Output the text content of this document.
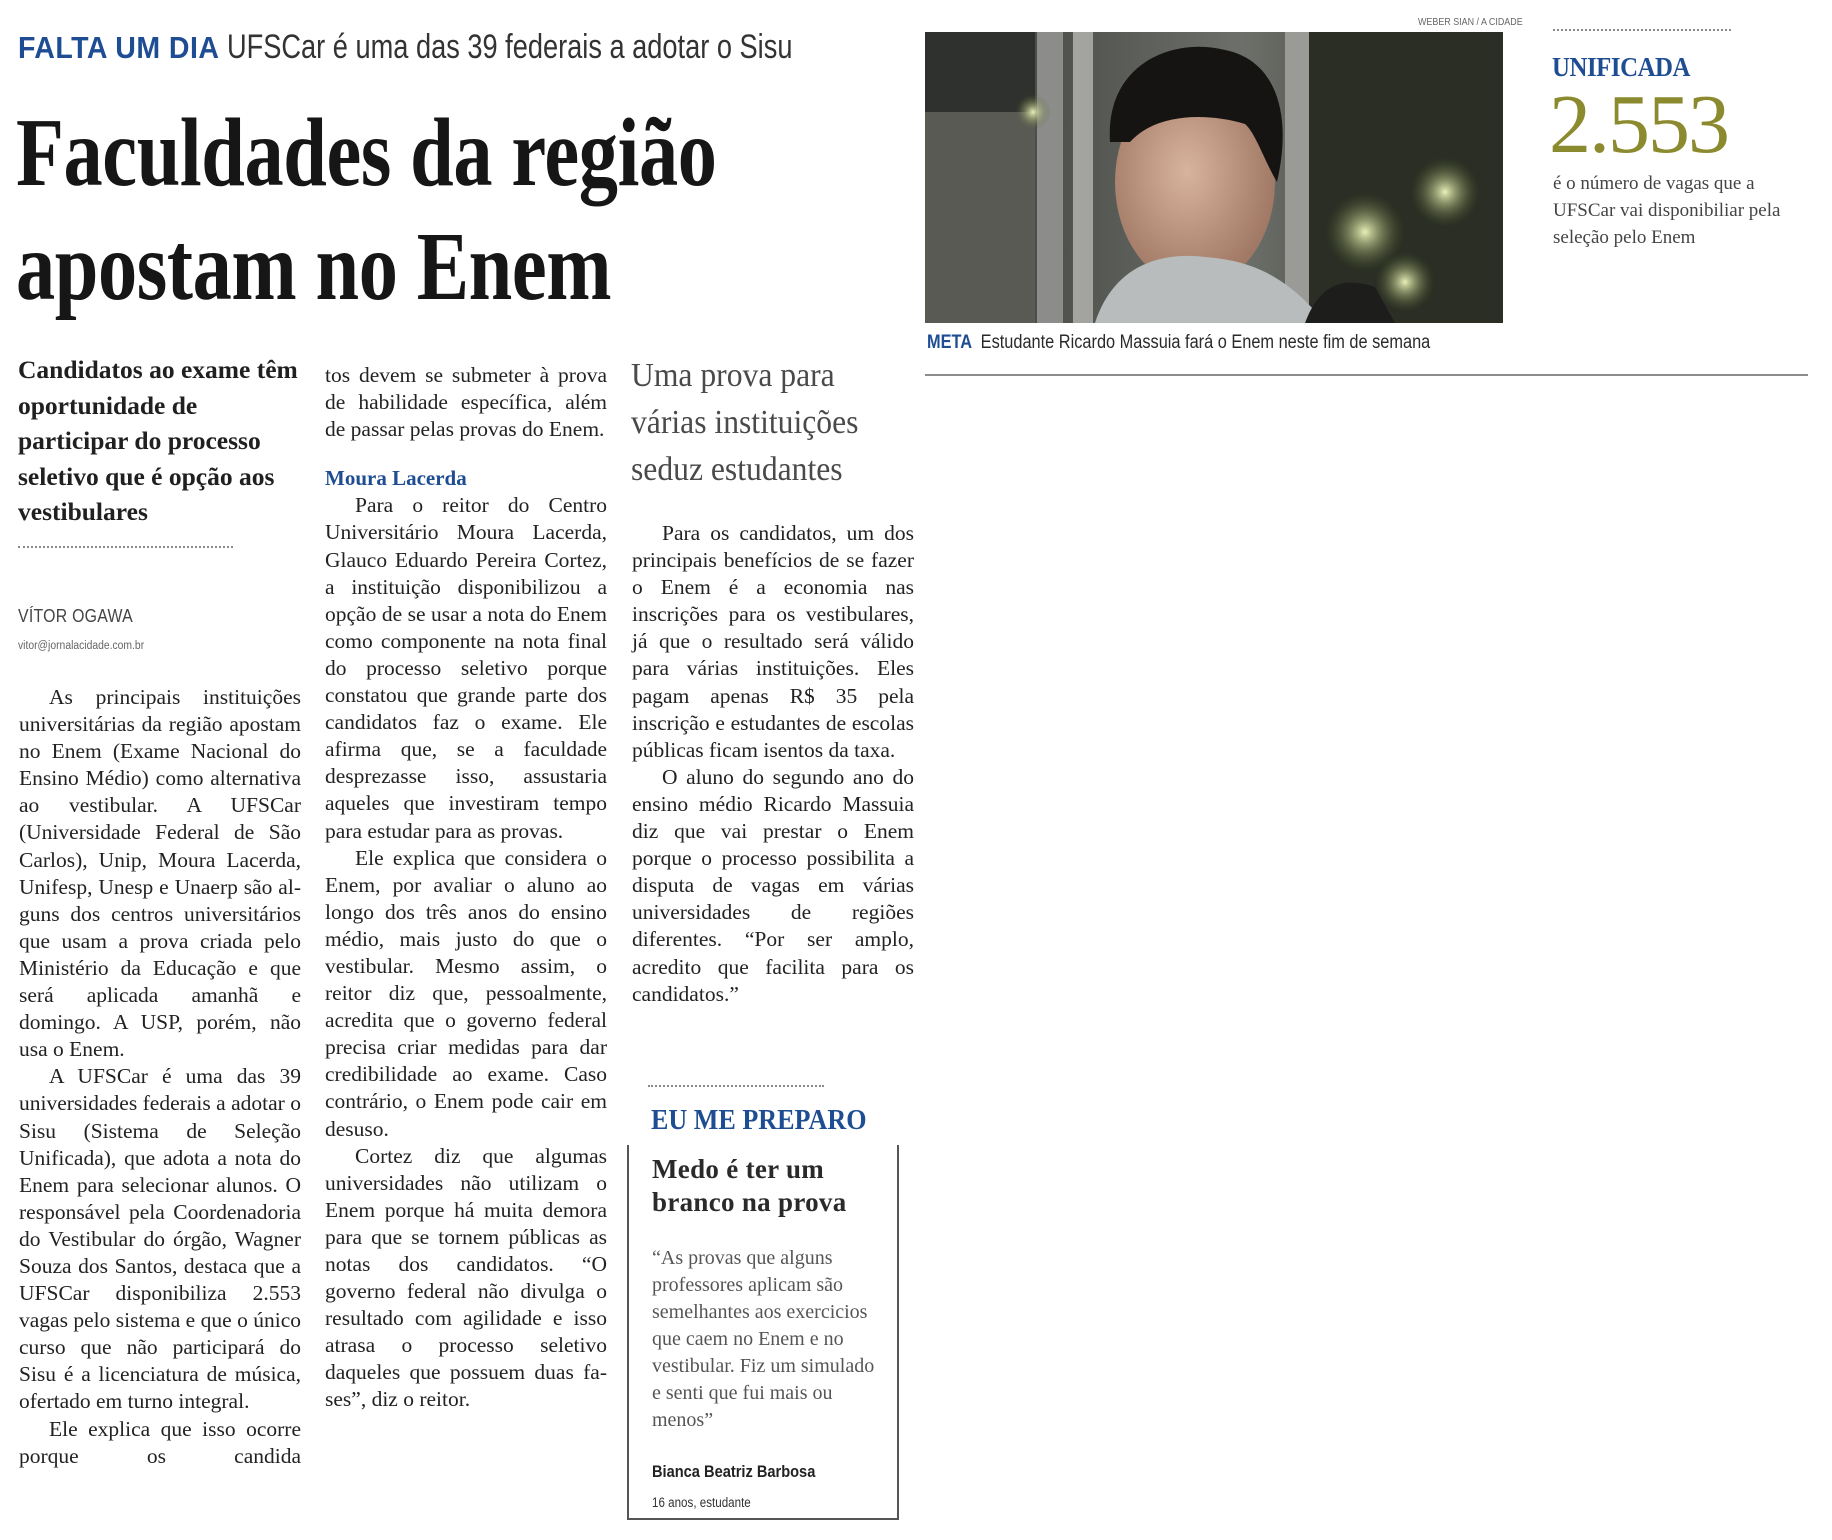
FALTA UM DIA UFSCar é uma das 39 federais a adotar o Sisu
Faculdades da região
apostam no Enem
Candidatos ao exame têm oportunidade de participar do processo seletivo que é opção aos vestibulares
VÍTOR OGAWA
vitor@jornalacidade.com.br

As principais instituições universitárias da região apostam no Enem (Exame Nacional do Ensino Médio) como alternativa ao vestibular. A UFSCar (Universidade Federal de São Carlos), Unip, Moura Lacerda, Unifesp, Unesp e Unaerp são alguns dos centros universitários que usam a prova criada pelo Ministério da Educação e que será aplicada amanhã e domingo. A USP, porém, não usa o Enem.

A UFSCar é uma das 39 universidades federais a adotar o Sisu (Sistema de Seleção Unificada), que adota a nota do Enem para selecionar alunos. O responsável pela Coordenadoria do Vestibular do órgão, Wagner Souza dos Santos, destaca que a UFSCar disponibiliza 2.553 vagas pelo sistema e que o único curso que não participará do Sisu é a licenciatura de música, ofertado em turno integral.

Ele explica que isso ocorre porque os candida

tos devem se submeter à prova de habilidade específica, além de passar pelas provas do Enem.

Moura Lacerda

Para o reitor do Centro Universitário Moura Lacerda, Glauco Eduardo Pereira Cortez, a instituição disponibilizou a opção de se usar a nota do Enem como componente na nota final do processo seletivo porque constatou que grande parte dos candidatos faz o exame. Ele afirma que, se a faculdade desprezasse isso, assustaria aqueles que investiram tempo para estudar para as provas.

Ele explica que considera o Enem, por avaliar o aluno ao longo dos três anos do ensino médio, mais justo do que o vestibular. Mesmo assim, o reitor diz que, pessoalmente, acredita que o governo federal precisa criar medidas para dar credibilidade ao exame. Caso contrário, o Enem pode cair em desuso.

Cortez diz que algumas universidades não utilizam o Enem porque há muita demora para que se tornem públicas as notas dos candidatos. “O governo federal não divulga o resultado com agilidade e isso atrasa o processo seletivo daqueles que possuem duas fases”, diz o reitor.

Uma prova para várias instituições seduz estudantes

Para os candidatos, um dos principais benefícios de se fazer o Enem é a economia nas inscrições para os vestibulares, já que o resultado será válido para várias instituições. Eles pagam apenas R$ 35 pela inscrição e estudantes de escolas públicas ficam isentos da taxa.

O aluno do segundo ano do ensino médio Ricardo Massuia diz que vai prestar o Enem porque o processo possibilita a disputa de vagas em várias universidades de regiões diferentes. “Por ser amplo, acredito que facilita para os candidatos.”

EU ME PREPARO
Medo é ter um branco na prova
“As provas que alguns professores aplicam são semelhantes aos exercicios que caem no Enem e no vestibular. Fiz um simulado e senti que fui mais ou menos”
Bianca Beatriz Barbosa
16 anos, estudante
WEBER SIAN / A CIDADE
META Estudante Ricardo Massuia fará o Enem neste fim de semana
UNIFICADA
2.553
é o número de vagas que a UFSCar vai disponibiliar pela seleção pelo Enem
